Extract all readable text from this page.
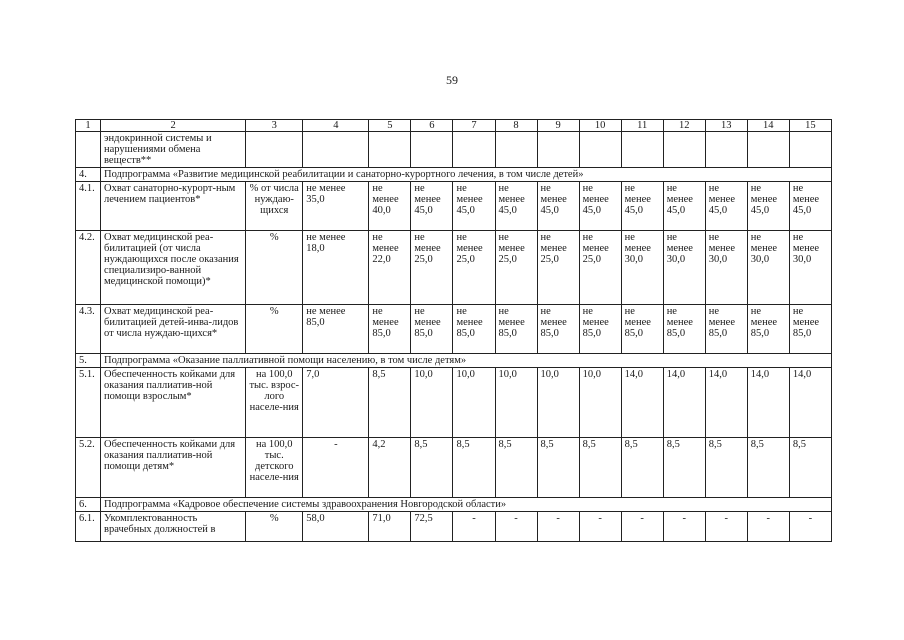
59
1	2	3	4	5	6	7	8	9	10	11	12	13	14	15
	эндокринной системы и нарушениями обмена веществ**													
4.	Подпрограмма «Развитие медицинской реабилитации и санаторно-курортного лечения, в том числе детей»													
4.1.	Охват санаторно-курорт-ным лечением пациентов*	% от числа нуждаю-щихся	не менее 35,0	не менее 40,0	не менее 45,0	не менее 45,0	не менее 45,0	не менее 45,0	не менее 45,0	не менее 45,0	не менее 45,0	не менее 45,0	не менее 45,0	не менее 45,0
4.2.	Охват медицинской реа-билитацией (от числа нуждающихся после оказания специализиро-ванной медицинской помощи)*	%	не менее 18,0	не менее 22,0	не менее 25,0	не менее 25,0	не менее 25,0	не менее 25,0	не менее 25,0	не менее 30,0	не менее 30,0	не менее 30,0	не менее 30,0	не менее 30,0
4.3.	Охват медицинской реа-билитацией детей-инва-лидов от числа нуждаю-щихся*	%	не менее 85,0	не менее 85,0	не менее 85,0	не менее 85,0	не менее 85,0	не менее 85,0	не менее 85,0	не менее 85,0	не менее 85,0	не менее 85,0	не менее 85,0	не менее 85,0
5.	Подпрограмма «Оказание паллиативной помощи населению, в том числе детям»													
5.1.	Обеспеченность койками для оказания паллиатив-ной помощи взрослым*	на 100,0 тыс. взрос-лого населе-ния	7,0	8,5	10,0	10,0	10,0	10,0	10,0	14,0	14,0	14,0	14,0	14,0
5.2.	Обеспеченность койками для оказания паллиатив-ной помощи детям*	на 100,0 тыс. детского населе-ния	-	4,2	8,5	8,5	8,5	8,5	8,5	8,5	8,5	8,5	8,5	8,5
6.	Подпрограмма «Кадровое обеспечение системы здравоохранения Новгородской области»													
6.1.	Укомплектованность врачебных должностей в	%	58,0	71,0	72,5	-	-	-	-	-	-	-	-	-
